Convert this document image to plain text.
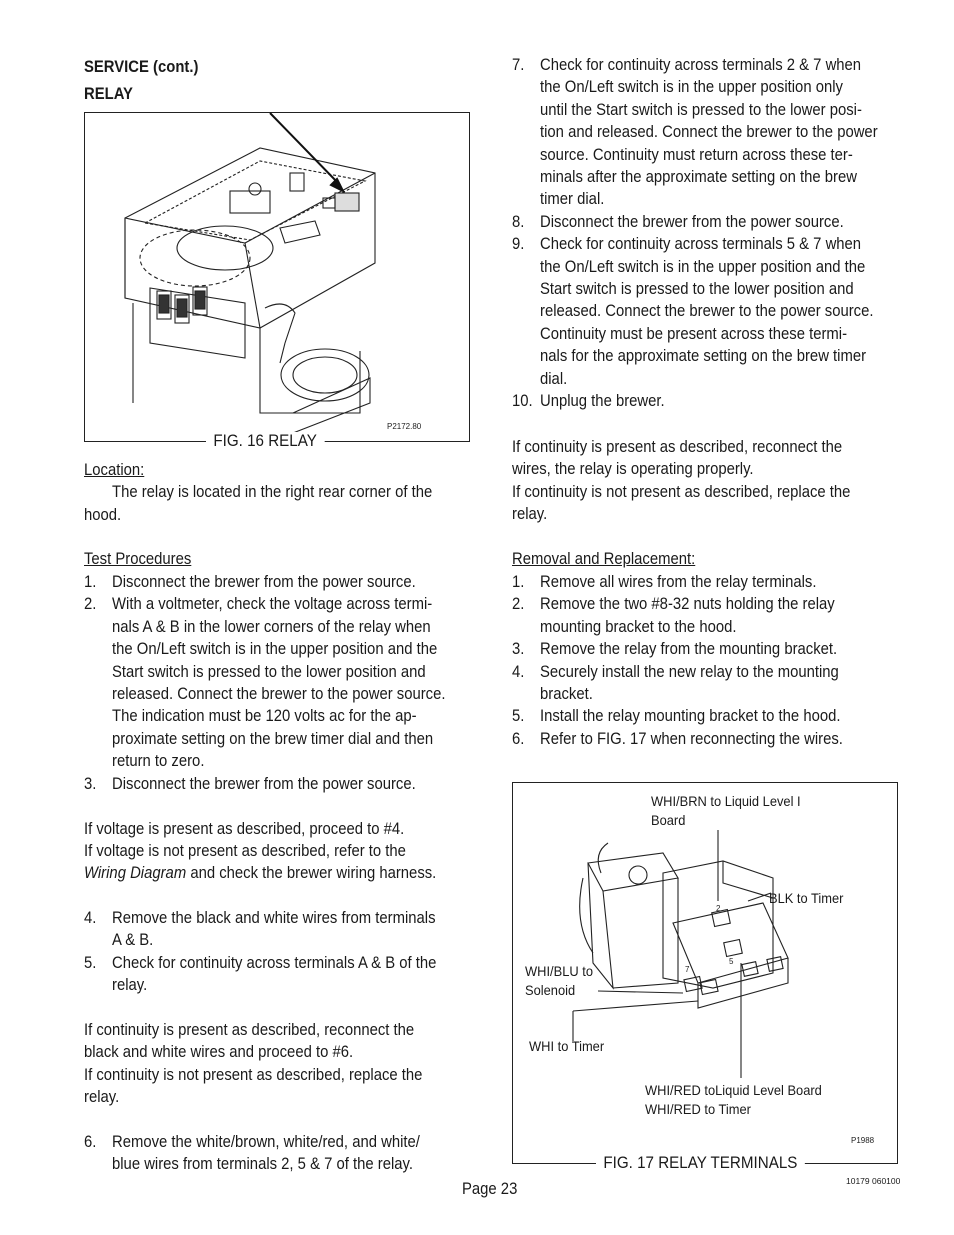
SERVICE (cont.)
RELAY
P2172.80
FIG. 16 RELAY
Location:
The relay is located in the right rear corner of the
hood.
Test Procedures
1. Disconnect the brewer from the power source.
2. With a voltmeter, check the voltage across termi-
nals A & B in the lower corners of the relay when
the On/Left switch is in the upper position and the
Start switch is pressed to the lower position and
released. Connect the brewer to the power source.
The indication must be 120 volts ac for the ap-
proximate setting on the brew timer dial and then
return to zero.
3. Disconnect the brewer from the power source.
If voltage is present as described, proceed to #4.
If voltage is not present as described, refer to the
Wiring Diagram and check the brewer wiring harness.
4. Remove the black and white wires from terminals
A & B.
5. Check for continuity across terminals A & B of the
relay.
If continuity is present as described, reconnect the
black and white wires and proceed to #6.
If continuity is not present as described, replace the
relay.
6. Remove the white/brown, white/red, and white/
blue wires from terminals 2, 5 & 7 of the relay.
7. Check for continuity across terminals 2 & 7 when
the On/Left switch is in the upper position only
until the Start switch is pressed to the lower posi-
tion and released. Connect the brewer to the power
source. Continuity must return across these ter-
minals after the approximate setting on the brew
timer dial.
8. Disconnect the brewer from the power source.
9. Check for continuity across terminals 5 & 7 when
the On/Left switch is in the upper position and the
Start switch is pressed to the lower position and
released. Connect the brewer to the power source.
Continuity must be present across these termi-
nals for the approximate setting on the brew timer
dial.
10. Unplug the brewer.
If continuity is present as described, reconnect the
wires, the relay is operating properly.
If continuity is not present as described, replace the
relay.
Removal and Replacement:
1. Remove all wires from the relay terminals.
2. Remove the two #8-32 nuts holding the relay
mounting bracket to the hood.
3. Remove the relay from the mounting bracket.
4. Securely install the new relay to the mounting
bracket.
5. Install the relay mounting bracket to the hood.
6. Refer to FIG. 17 when reconnecting the wires.
2
5
7
P1988
WHI/BRN to Liquid Level I
Board
BLK to Timer
WHI/BLU to
Solenoid
WHI to Timer
WHI/RED toLiquid Level Board
WHI/RED to Timer
FIG. 17 RELAY TERMINALS
Page 23	10179 060100
